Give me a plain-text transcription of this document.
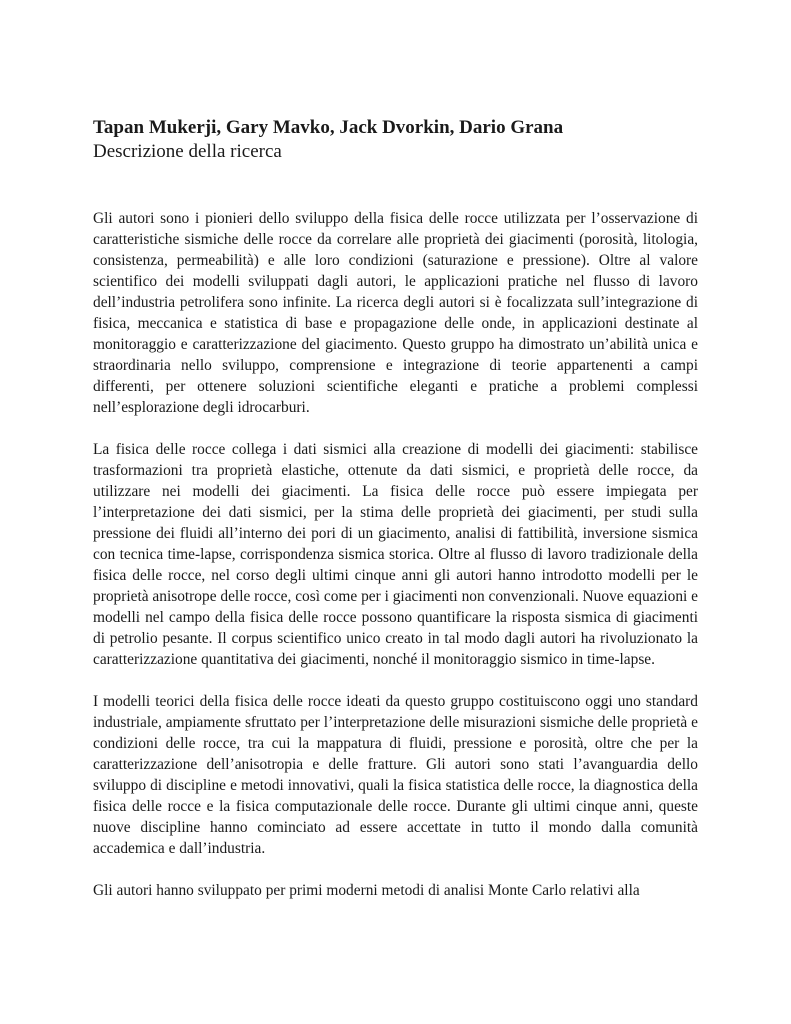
Tapan Mukerji, Gary Mavko, Jack Dvorkin, Dario Grana
Descrizione della ricerca

Gli autori sono i pionieri dello sviluppo della fisica delle rocce utilizzata per l’osservazione di caratteristiche sismiche delle rocce da correlare alle proprietà dei giacimenti (porosità, litologia, consistenza, permeabilità) e alle loro condizioni (saturazione e pressione). Oltre al valore scientifico dei modelli sviluppati dagli autori, le applicazioni pratiche nel flusso di lavoro dell’industria petrolifera sono infinite. La ricerca degli autori si è focalizzata sull’integrazione di fisica, meccanica e statistica di base e propagazione delle onde, in applicazioni destinate al monitoraggio e caratterizzazione del giacimento. Questo gruppo ha dimostrato un’abilità unica e straordinaria nello sviluppo, comprensione e integrazione di teorie appartenenti a campi differenti, per ottenere soluzioni scientifiche eleganti e pratiche a problemi complessi nell’esplorazione degli idrocarburi.

La fisica delle rocce collega i dati sismici alla creazione di modelli dei giacimenti: stabilisce trasformazioni tra proprietà elastiche, ottenute da dati sismici, e proprietà delle rocce, da utilizzare nei modelli dei giacimenti. La fisica delle rocce può essere impiegata per l’interpretazione dei dati sismici, per la stima delle proprietà dei giacimenti, per studi sulla pressione dei fluidi all’interno dei pori di un giacimento, analisi di fattibilità, inversione sismica con tecnica time-lapse, corrispondenza sismica storica. Oltre al flusso di lavoro tradizionale della fisica delle rocce, nel corso degli ultimi cinque anni gli autori hanno introdotto modelli per le proprietà anisotrope delle rocce, così come per i giacimenti non convenzionali. Nuove equazioni e modelli nel campo della fisica delle rocce possono quantificare la risposta sismica di giacimenti di petrolio pesante. Il corpus scientifico unico creato in tal modo dagli autori ha rivoluzionato la caratterizzazione quantitativa dei giacimenti, nonché il monitoraggio sismico in time-lapse.

I modelli teorici della fisica delle rocce ideati da questo gruppo costituiscono oggi uno standard industriale, ampiamente sfruttato per l’interpretazione delle misurazioni sismiche delle proprietà e condizioni delle rocce, tra cui la mappatura di fluidi, pressione e porosità, oltre che per la caratterizzazione dell’anisotropia e delle fratture. Gli autori sono stati l’avanguardia dello sviluppo di discipline e metodi innovativi, quali la fisica statistica delle rocce, la diagnostica della fisica delle rocce e la fisica computazionale delle rocce. Durante gli ultimi cinque anni, queste nuove discipline hanno cominciato ad essere accettate in tutto il mondo dalla comunità accademica e dall’industria.

Gli autori hanno sviluppato per primi moderni metodi di analisi Monte Carlo relativi alla
